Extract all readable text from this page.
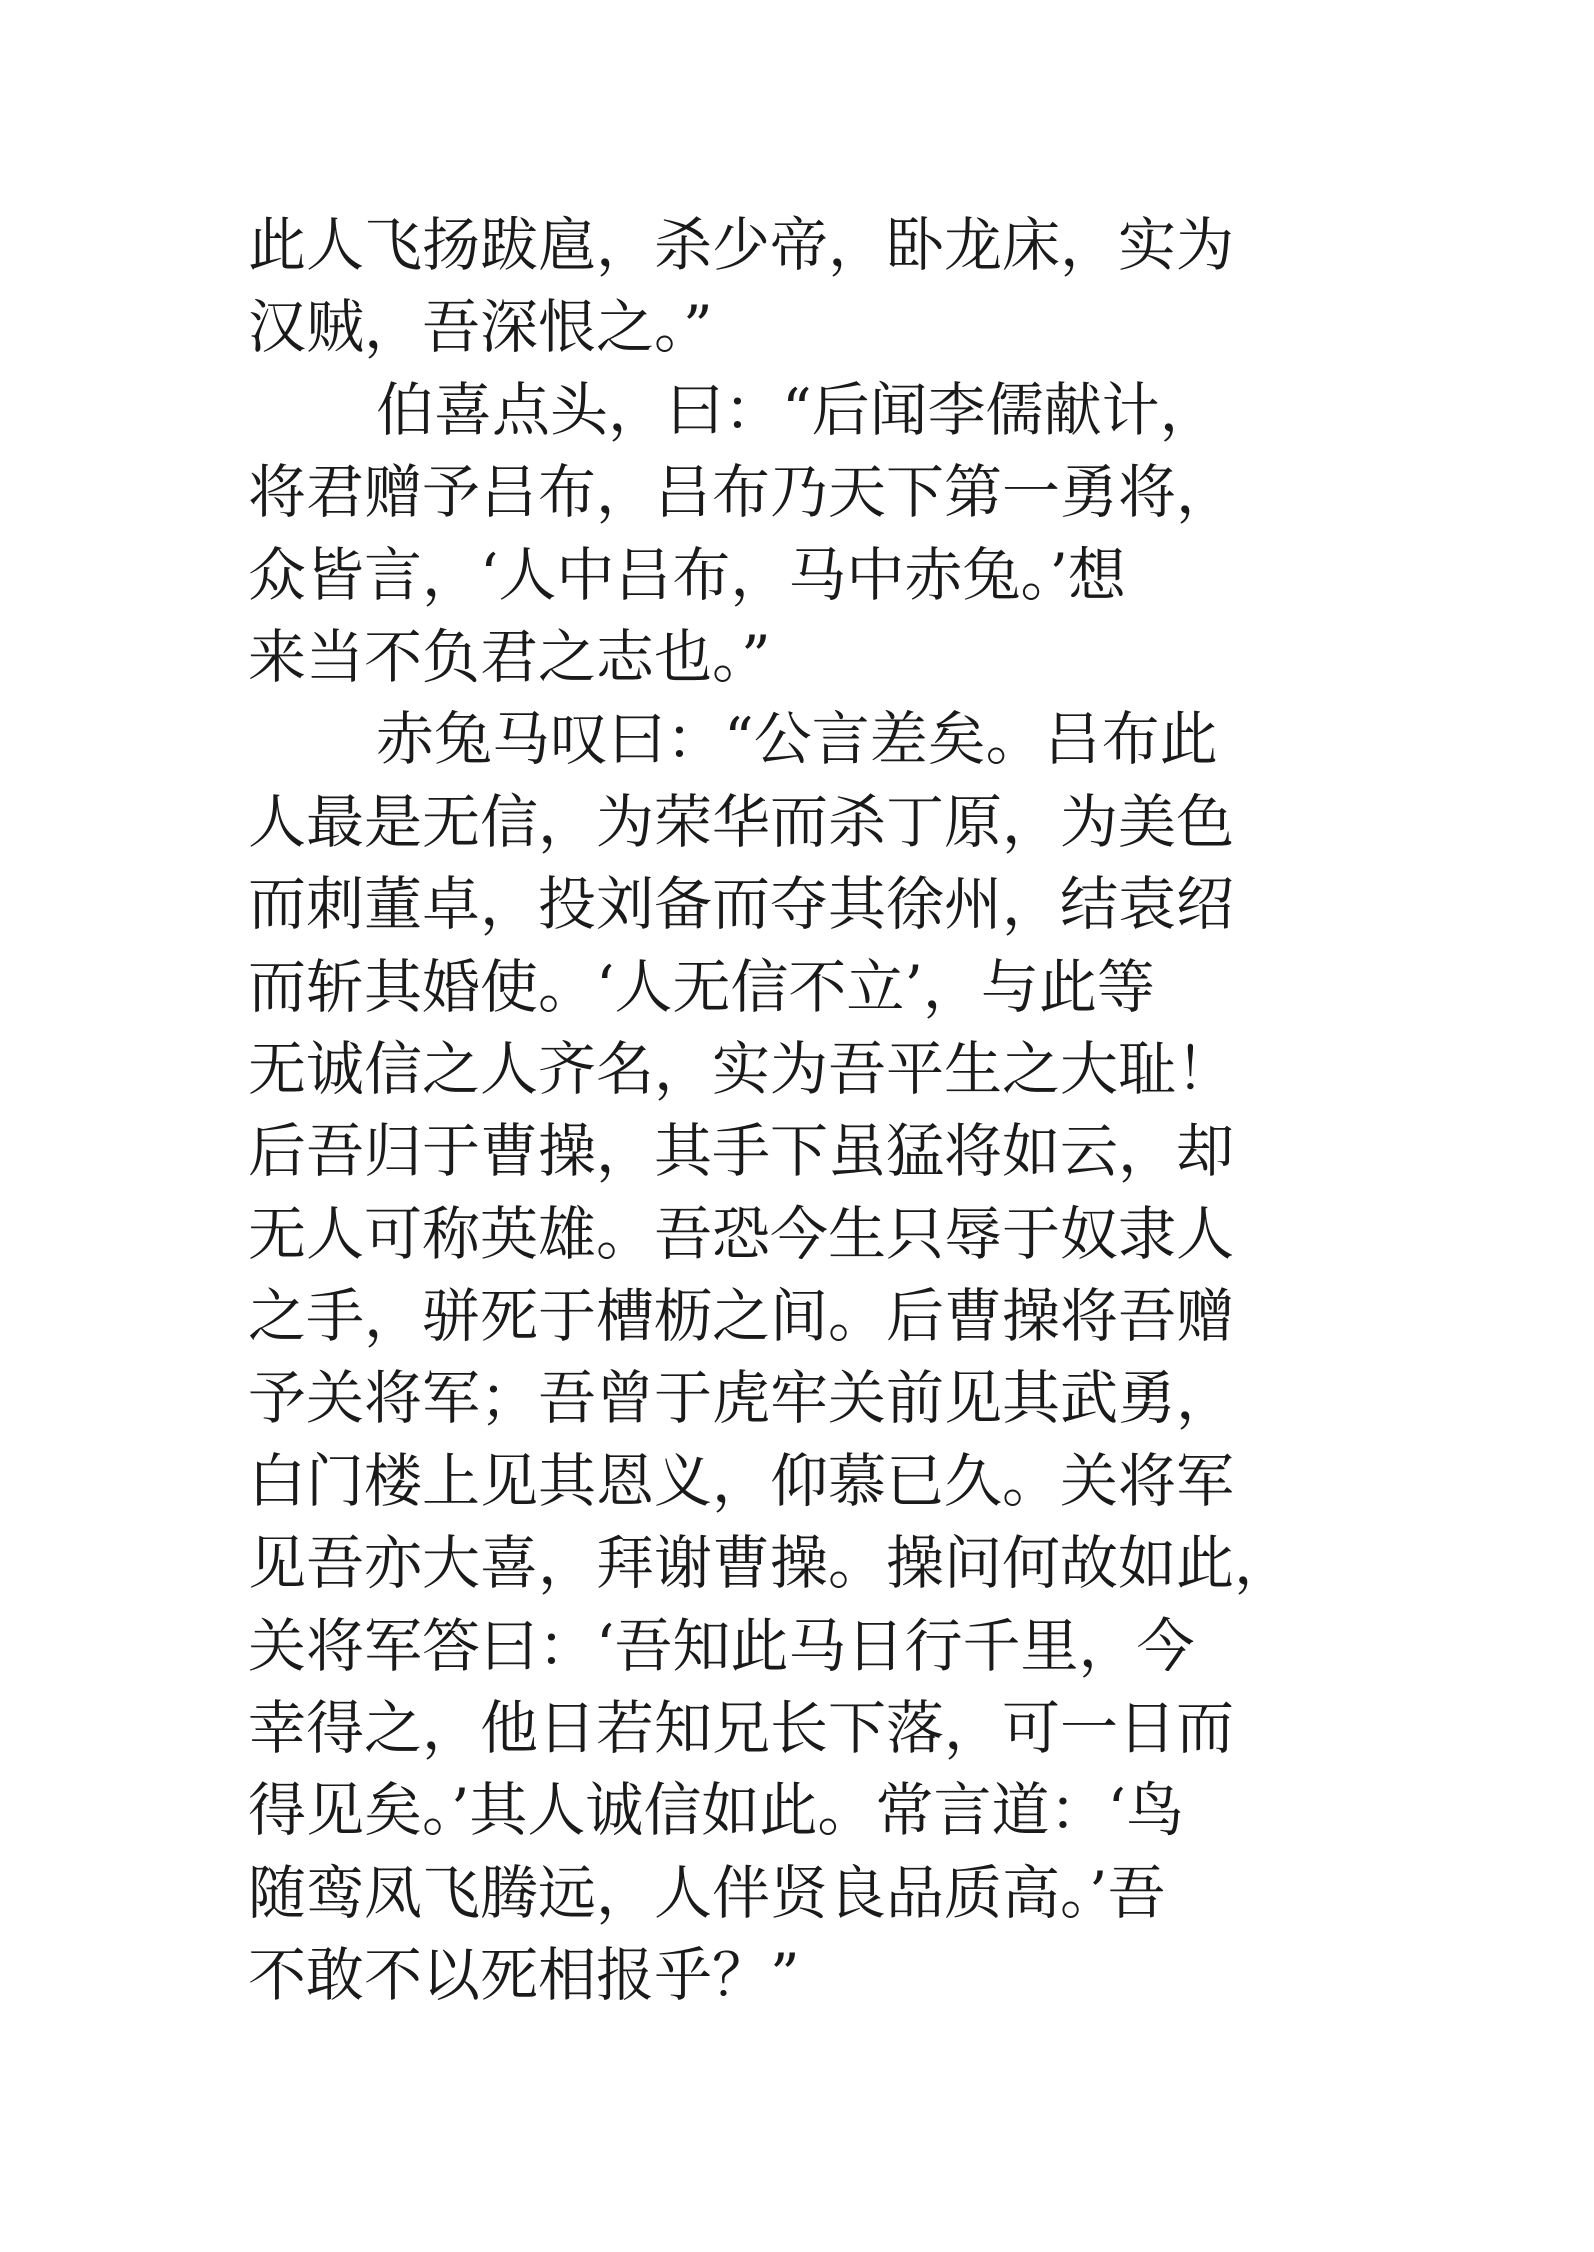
此人飞扬跋扈，杀少帝，卧龙床，实为
汉贼，吾深恨之。”
伯喜点头，曰：“后闻李儒献计，
将君赠予吕布，吕布乃天下第一勇将，
众皆言，‘人中吕布，马中赤兔。’想
来当不负君之志也。”
赤兔马叹曰：“公言差矣。吕布此
人最是无信，为荣华而杀丁原，为美色
而刺董卓，投刘备而夺其徐州，结袁绍
而斩其婚使。‘人无信不立’，与此等
无诚信之人齐名，实为吾平生之大耻！
后吾归于曹操，其手下虽猛将如云，却
无人可称英雄。吾恐今生只辱于奴隶人
之手，骈死于槽枥之间。后曹操将吾赠
予关将军；吾曾于虎牢关前见其武勇，
白门楼上见其恩义，仰慕已久。关将军
见吾亦大喜，拜谢曹操。操问何故如此，
关将军答曰：‘吾知此马日行千里，今
幸得之，他日若知兄长下落，可一日而
得见矣。’其人诚信如此。常言道：‘鸟
随鸾凤飞腾远，人伴贤良品质高。’吾
不敢不以死相报乎？”
